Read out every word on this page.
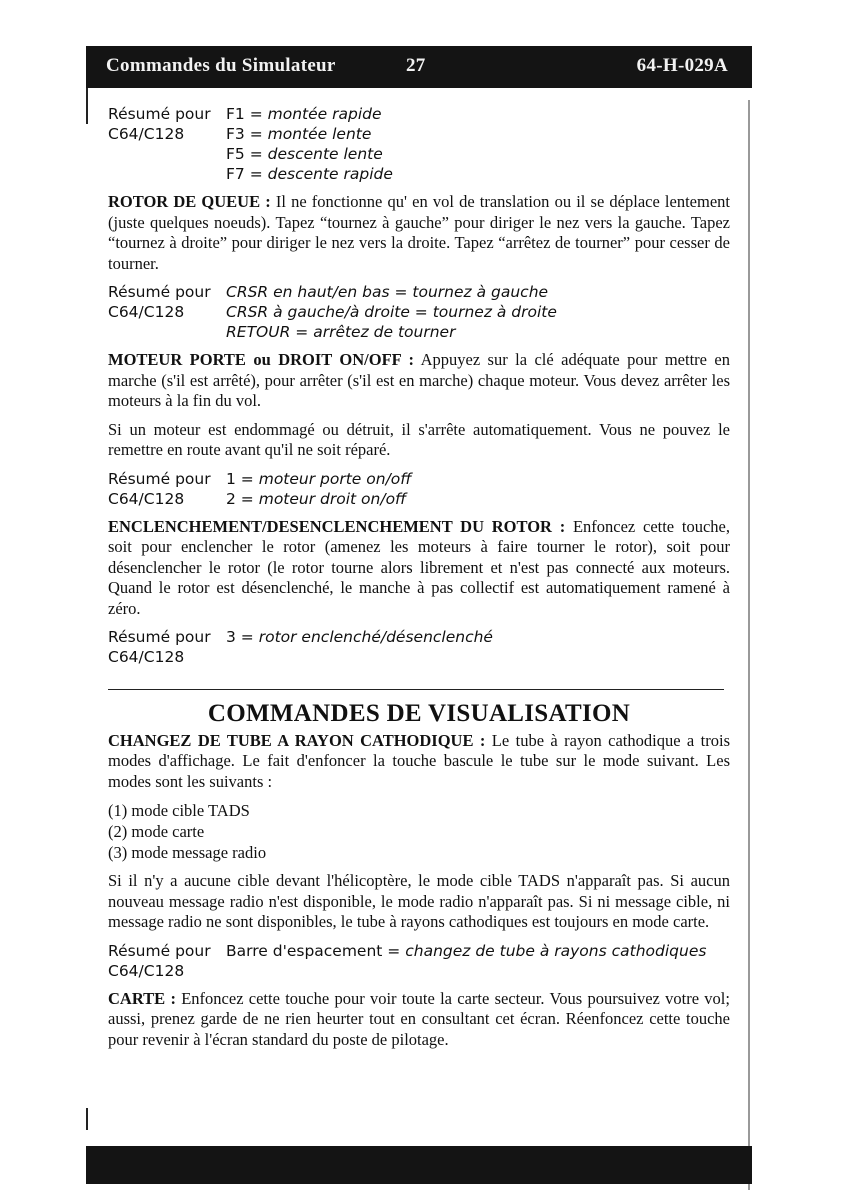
Commandes du Simulateur	27	64-H-029A
Résumé pour F1 = montée rapide
C64/C128	F3 = montée lente
F5 = descente lente
F7 = descente rapide

ROTOR DE QUEUE : Il ne fonctionne qu' en vol de translation ou il se déplace lentement (juste quelques noeuds). Tapez “tournez à gauche” pour diriger le nez vers la gauche. Tapez “tournez à droite” pour diriger le nez vers la droite. Tapez “arrêtez de tourner” pour cesser de tourner.

Résumé pour CRSR en haut/en bas = tournez à gauche
C64/C128	CRSR à gauche/à droite = tournez à droite
RETOUR = arrêtez de tourner

MOTEUR PORTE ou DROIT ON/OFF : Appuyez sur la clé adéquate pour mettre en marche (s'il est arrêté), pour arrêter (s'il est en marche) chaque moteur. Vous devez arrêter les moteurs à la fin du vol.

Si un moteur est endommagé ou détruit, il s'arrête automatiquement. Vous ne pouvez le remettre en route avant qu'il ne soit réparé.

Résumé pour 1 = moteur porte on/off
C64/C128	2 = moteur droit on/off

ENCLENCHEMENT/DESENCLENCHEMENT DU ROTOR : Enfoncez cette touche, soit pour enclencher le rotor (amenez les moteurs à faire tourner le rotor), soit pour désenclencher le rotor (le rotor tourne alors librement et n'est pas connecté aux moteurs. Quand le rotor est désenclenché, le manche à pas collectif est automatiquement ramené à zéro.

Résumé pour 3 = rotor enclenché/désenclenché
C64/C128
COMMANDES DE VISUALISATION

CHANGEZ DE TUBE A RAYON CATHODIQUE : Le tube à rayon cathodique a trois modes d'affichage. Le fait d'enfoncer la touche bascule le tube sur le mode suivant. Les modes sont les suivants :

(1) mode cible TADS
(2) mode carte
(3) mode message radio

Si il n'y a aucune cible devant l'hélicoptère, le mode cible TADS n'apparaît pas. Si aucun nouveau message radio n'est disponible, le mode radio n'apparaît pas. Si ni message cible, ni message radio ne sont disponibles, le tube à rayons cathodiques est toujours en mode carte.

Résumé pour Barre d'espacement = changez de tube à rayons cathodiques
C64/C128

CARTE : Enfoncez cette touche pour voir toute la carte secteur. Vous poursuivez votre vol; aussi, prenez garde de ne rien heurter tout en consultant cet écran. Réenfoncez cette touche pour revenir à l'écran standard du poste de pilotage.
